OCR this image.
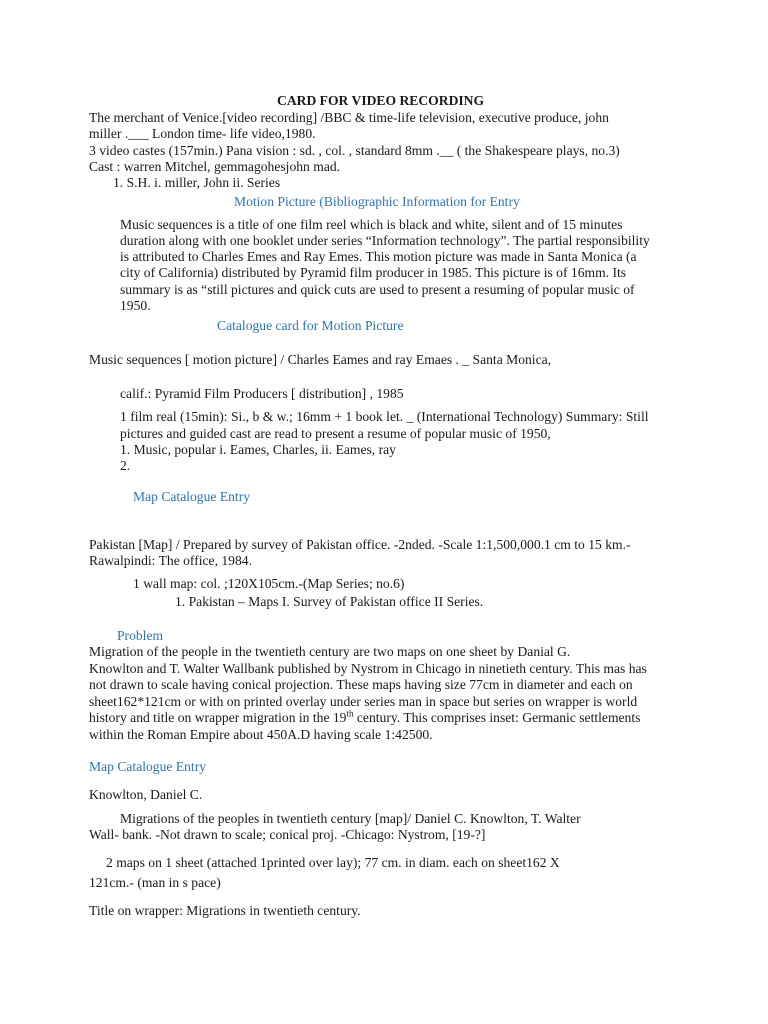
CARD FOR VIDEO RECORDING
The merchant of Venice.[video recording] /BBC & time-life television, executive produce, john
miller .___ London time- life video,1980.
3 video castes (157min.) Pana vision : sd. , col. , standard 8mm .__ ( the Shakespeare plays, no.3)
Cast : warren Mitchel, gemmagohesjohn mad.
1. S.H. i. miller, John ii. Series
Motion Picture (Bibliographic Information for Entry
Music sequences is a title of one film reel which is black and white, silent and of 15 minutes
duration along with one booklet under series “Information technology”. The partial responsibility
is attributed to Charles Emes and Ray Emes. This motion picture was made in Santa Monica (a
city of California) distributed by Pyramid film producer in 1985. This picture is of 16mm. Its
summary is as “still pictures and quick cuts are used to present a resuming of popular music of
1950.
Catalogue card for Motion Picture
Music sequences [ motion picture] / Charles Eames and ray Emaes . _ Santa Monica,
calif.: Pyramid Film Producers [ distribution] , 1985
1 film real (15min): Si., b & w.; 16mm + 1 book let. _ (International Technology) Summary: Still
pictures and guided cast are read to present a resume of popular music of 1950,
1. Music, popular i. Eames, Charles, ii. Eames, ray
2.
Map Catalogue Entry
Pakistan [Map] / Prepared by survey of Pakistan office. -2nded. -Scale 1:1,500,000.1 cm to 15 km.-
Rawalpindi: The office, 1984.
1 wall map: col. ;120X105cm.-(Map Series; no.6)
1. Pakistan – Maps I. Survey of Pakistan office II Series.
Problem
Migration of the people in the twentieth century are two maps on one sheet by Danial G.
Knowlton and T. Walter Wallbank published by Nystrom in Chicago in ninetieth century. This mas has
not drawn to scale having conical projection. These maps having size 77cm in diameter and each on
sheet162*121cm or with on printed overlay under series man in space but series on wrapper is world
history and title on wrapper migration in the 19th century. This comprises inset: Germanic settlements
within the Roman Empire about 450A.D having scale 1:42500.
Map Catalogue Entry
Knowlton, Daniel C.
Migrations of the peoples in twentieth century [map]/ Daniel C. Knowlton, T. Walter
Wall- bank. -Not drawn to scale; conical proj. -Chicago: Nystrom, [19-?]
2 maps on 1 sheet (attached 1printed over lay); 77 cm. in diam. each on sheet162 X
121cm.- (man in s pace)
Title on wrapper: Migrations in twentieth century.
